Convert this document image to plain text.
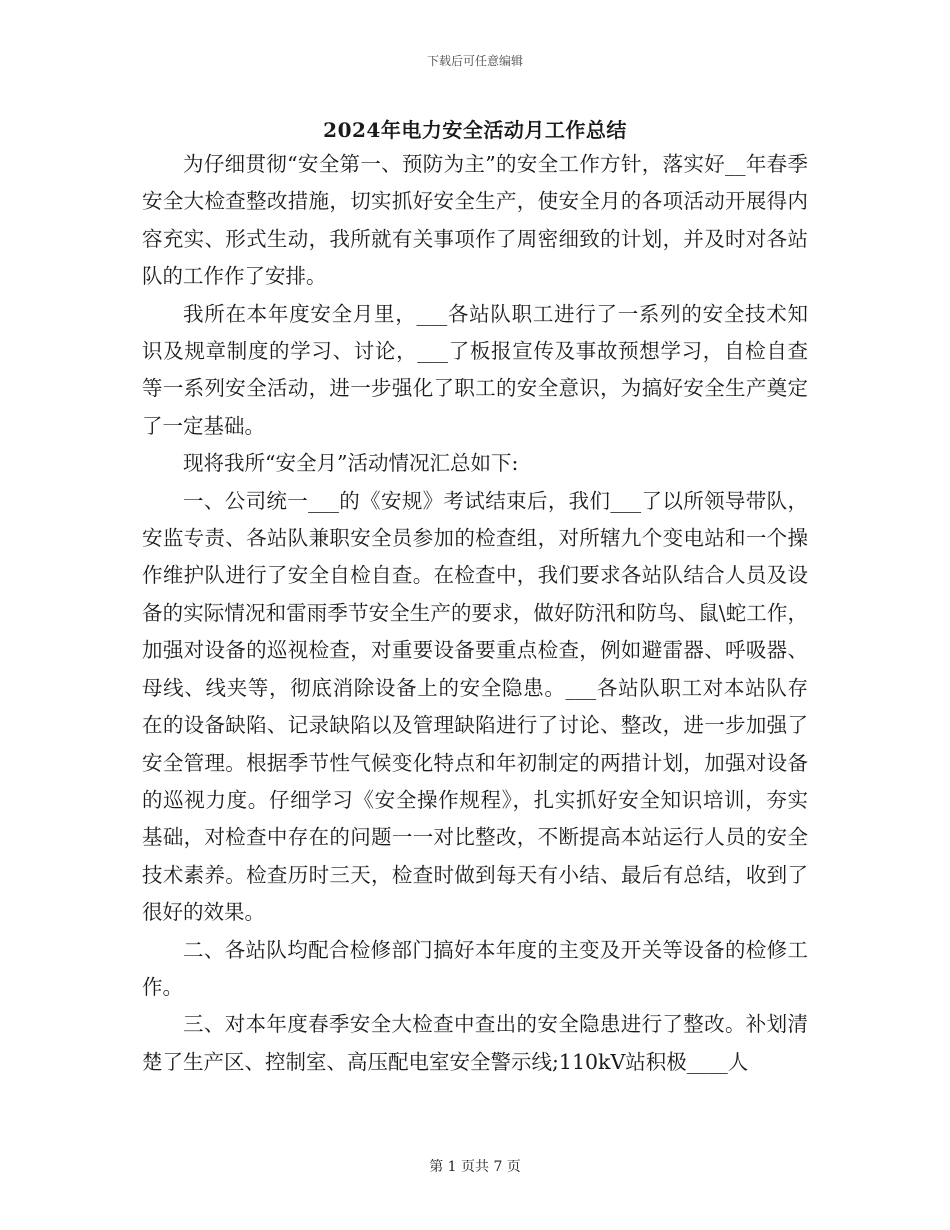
下载后可任意编辑
2024年电力安全活动月工作总结

为仔细贯彻“安全第一、预防为主”的安全工作方针，落实好__年春季安全大检查整改措施，切实抓好安全生产，使安全月的各项活动开展得内容充实、形式生动，我所就有关事项作了周密细致的计划，并及时对各站队的工作作了安排。

我所在本年度安全月里，___各站队职工进行了一系列的安全技术知识及规章制度的学习、讨论，___了板报宣传及事故预想学习，自检自查等一系列安全活动，进一步强化了职工的安全意识，为搞好安全生产奠定了一定基础。

现将我所“安全月”活动情况汇总如下:

一、公司统一___的《安规》考试结束后，我们___了以所领导带队，安监专责、各站队兼职安全员参加的检查组，对所辖九个变电站和一个操作维护队进行了安全自检自查。在检查中，我们要求各站队结合人员及设备的实际情况和雷雨季节安全生产的要求，做好防汛和防鸟、鼠\蛇工作，加强对设备的巡视检查，对重要设备要重点检查，例如避雷器、呼吸器、母线、线夹等，彻底消除设备上的安全隐患。___各站队职工对本站队存在的设备缺陷、记录缺陷以及管理缺陷进行了讨论、整改，进一步加强了安全管理。根据季节性气候变化特点和年初制定的两措计划，加强对设备的巡视力度。仔细学习《安全操作规程》，扎实抓好安全知识培训，夯实基础，对检查中存在的问题一一对比整改，不断提高本站运行人员的安全技术素养。检查历时三天，检查时做到每天有小结、最后有总结，收到了很好的效果。

二、各站队均配合检修部门搞好本年度的主变及开关等设备的检修工作。

三、对本年度春季安全大检查中查出的安全隐患进行了整改。补划清楚了生产区、控制室、高压配电室安全警示线;110kV站积极____人

第 1 页共 7 页
